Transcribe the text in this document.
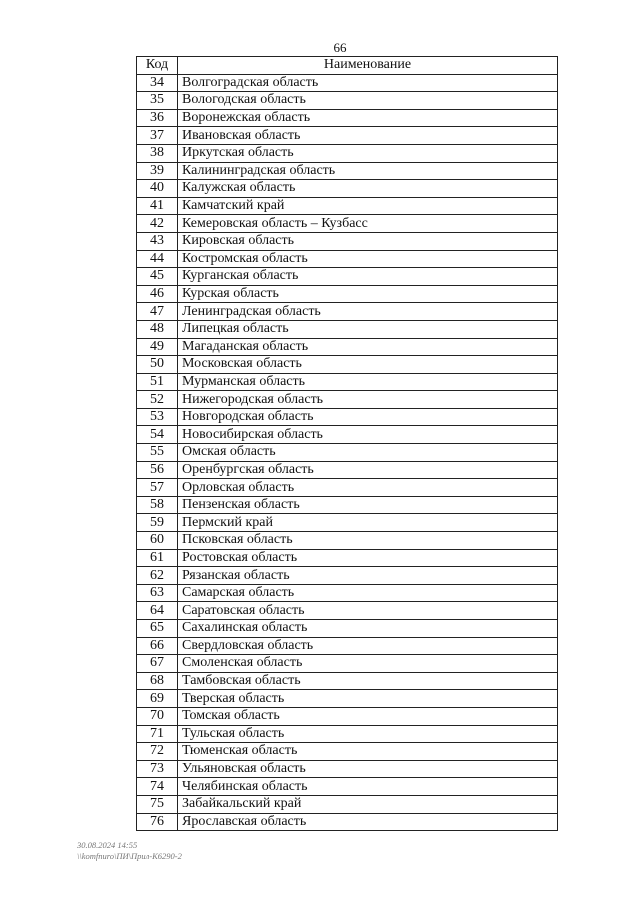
66
Код	Наименование
34	Волгоградская область
35	Вологодская область
36	Воронежская область
37	Ивановская область
38	Иркутская область
39	Калининградская область
40	Калужская область
41	Камчатский край
42	Кемеровская область – Кузбасс
43	Кировская область
44	Костромская область
45	Курганская область
46	Курская область
47	Ленинградская область
48	Липецкая область
49	Магаданская область
50	Московская область
51	Мурманская область
52	Нижегородская область
53	Новгородская область
54	Новосибирская область
55	Омская область
56	Оренбургская область
57	Орловская область
58	Пензенская область
59	Пермский край
60	Псковская область
61	Ростовская область
62	Рязанская область
63	Самарская область
64	Саратовская область
65	Сахалинская область
66	Свердловская область
67	Смоленская область
68	Тамбовская область
69	Тверская область
70	Томская область
71	Тульская область
72	Тюменская область
73	Ульяновская область
74	Челябинская область
75	Забайкальский край
76	Ярославская область
30.08.2024 14:55
\\komfnuro\ПИ\Прил-К6290-2
